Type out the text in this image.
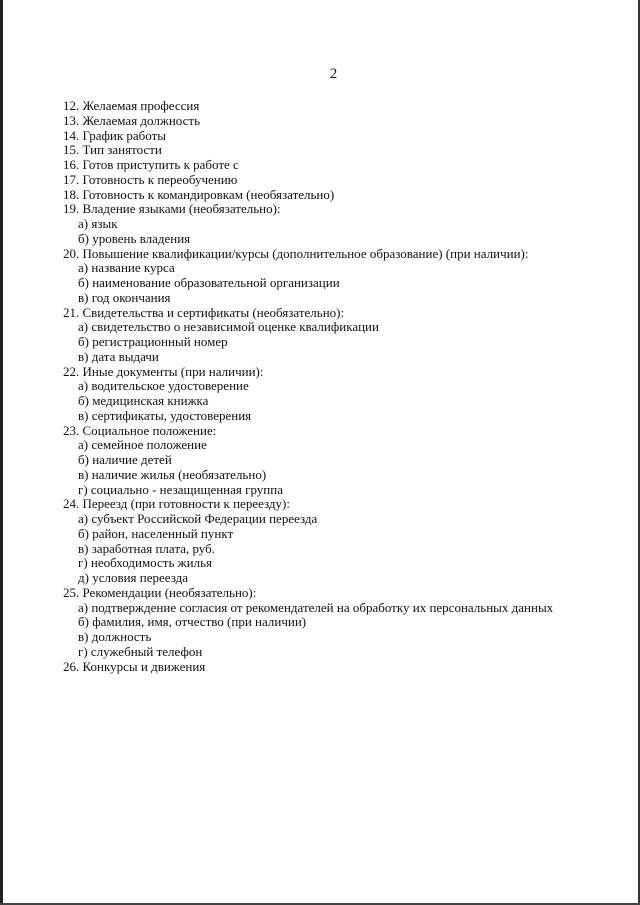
2
12. Желаемая профессия
13. Желаемая должность
14. График работы
15. Тип занятости
16. Готов приступить к работе с
17. Готовность к переобучению
18. Готовность к командировкам (необязательно)
19. Владение языками (необязательно):
а) язык
б) уровень владения
20. Повышение квалификации/курсы (дополнительное образование) (при наличии):
а) название курса
б) наименование образовательной организации
в) год окончания
21. Свидетельства и сертификаты (необязательно):
а) свидетельство о независимой оценке квалификации
б) регистрационный номер
в) дата выдачи
22. Иные документы (при наличии):
а) водительское удостоверение
б) медицинская книжка
в) сертификаты, удостоверения
23. Социальное положение:
а) семейное положение
б) наличие детей
в) наличие жилья (необязательно)
г) социально - незащищенная группа
24. Переезд (при готовности к переезду):
а) субъект Российской Федерации переезда
б) район, населенный пункт
в) заработная плата, руб.
г) необходимость жилья
д) условия переезда
25. Рекомендации (необязательно):
а) подтверждение согласия от рекомендателей на обработку их персональных данных
б) фамилия, имя, отчество (при наличии)
в) должность
г) служебный телефон
26. Конкурсы и движения
